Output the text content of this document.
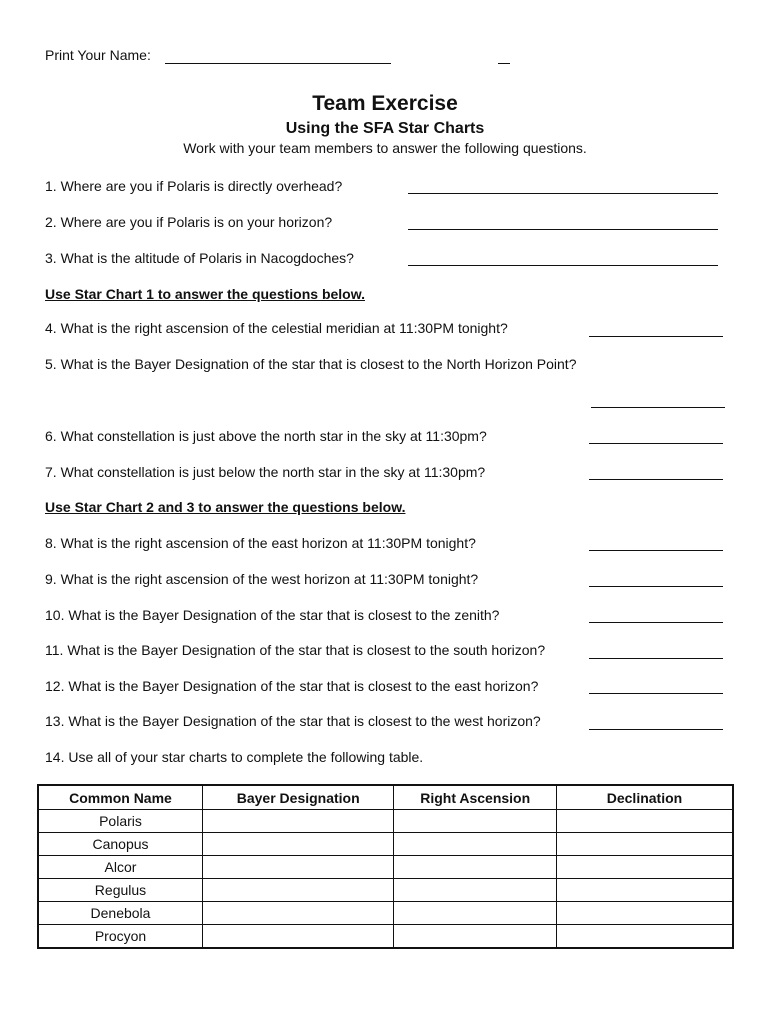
Print Your Name:
Team Exercise
Using the SFA Star Charts
Work with your team members to answer the following questions.
1. Where are you if Polaris is directly overhead?
2. Where are you if Polaris is on your horizon?
3. What is the altitude of Polaris in Nacogdoches?
Use Star Chart 1 to answer the questions below.
4. What is the right ascension of the celestial meridian at 11:30PM tonight?
5. What is the Bayer Designation of the star that is closest to the North Horizon Point?
6. What constellation is just above the north star in the sky at 11:30pm?
7. What constellation is just below the north star in the sky at 11:30pm?
Use Star Chart 2 and 3 to answer the questions below.
8. What is the right ascension of the east horizon at 11:30PM tonight?
9. What is the right ascension of the west horizon at 11:30PM tonight?
10. What is the Bayer Designation of the star that is closest to the zenith?
11. What is the Bayer Designation of the star that is closest to the south horizon?
12. What is the Bayer Designation of the star that is closest to the east horizon?
13. What is the Bayer Designation of the star that is closest to the west horizon?
14. Use all of your star charts to complete the following table.
Common Name	Bayer Designation	Right Ascension	Declination
Polaris			
Canopus			
Alcor			
Regulus			
Denebola			
Procyon			
